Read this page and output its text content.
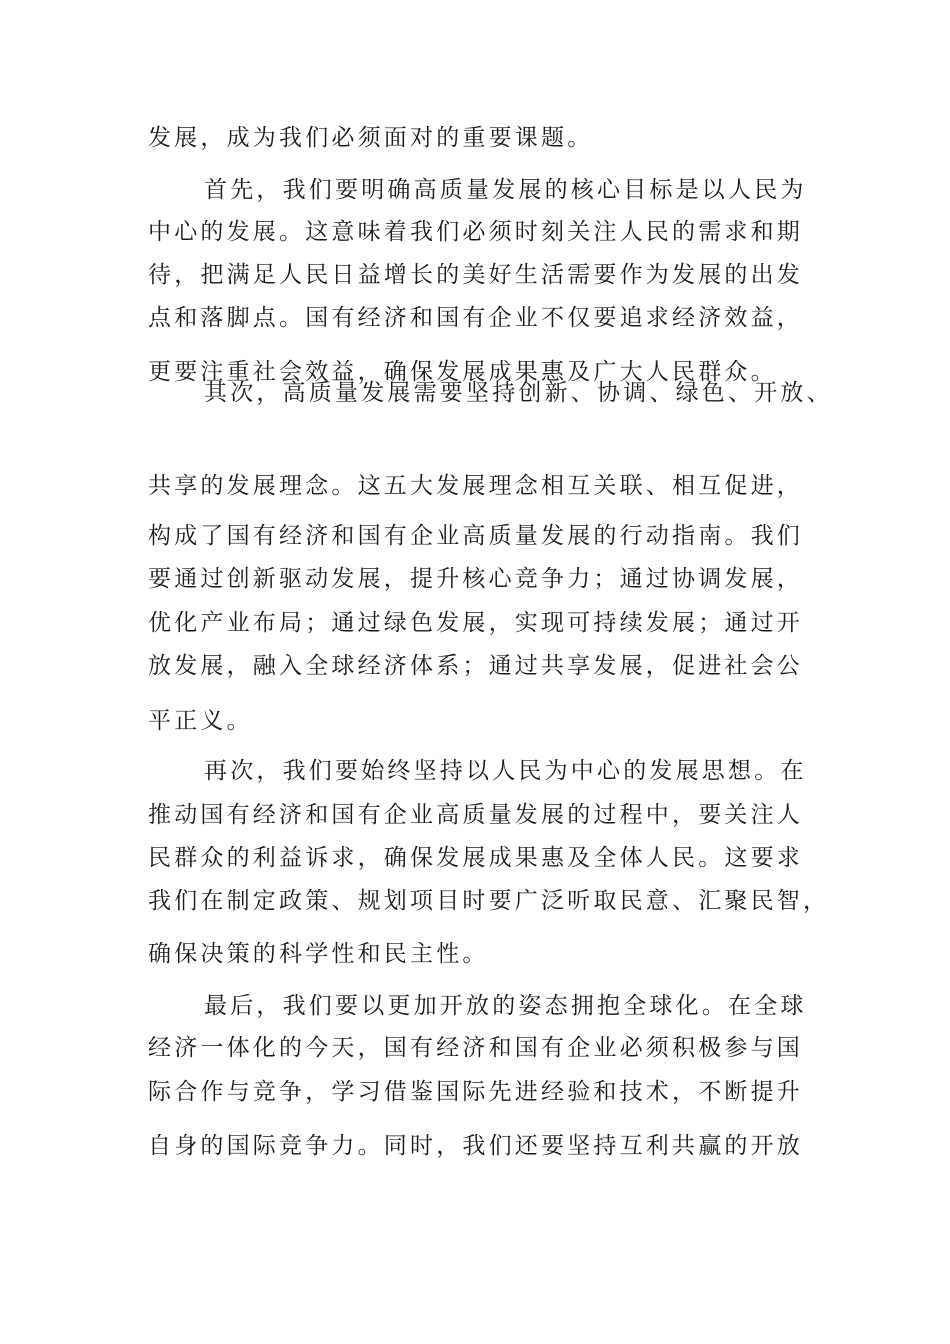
发展，成为我们必须面对的重要课题。
首先，我们要明确高质量发展的核心目标是以人民为
中心的发展。这意味着我们必须时刻关注人民的需求和期
待，把满足人民日益增长的美好生活需要作为发展的出发
点和落脚点。国有经济和国有企业不仅要追求经济效益，
更要注重社会效益，确保发展成果惠及广大人民群众。
其次，高质量发展需要坚持创新、协调、绿色、开放、
共享的发展理念。这五大发展理念相互关联、相互促进，
构成了国有经济和国有企业高质量发展的行动指南。我们
要通过创新驱动发展，提升核心竞争力；通过协调发展，
优化产业布局；通过绿色发展，实现可持续发展；通过开
放发展，融入全球经济体系；通过共享发展，促进社会公
平正义。
再次，我们要始终坚持以人民为中心的发展思想。在
推动国有经济和国有企业高质量发展的过程中，要关注人
民群众的利益诉求，确保发展成果惠及全体人民。这要求
我们在制定政策、规划项目时要广泛听取民意、汇聚民智，
确保决策的科学性和民主性。
最后，我们要以更加开放的姿态拥抱全球化。在全球
经济一体化的今天，国有经济和国有企业必须积极参与国
际合作与竞争，学习借鉴国际先进经验和技术，不断提升
自身的国际竞争力。同时，我们还要坚持互利共赢的开放
